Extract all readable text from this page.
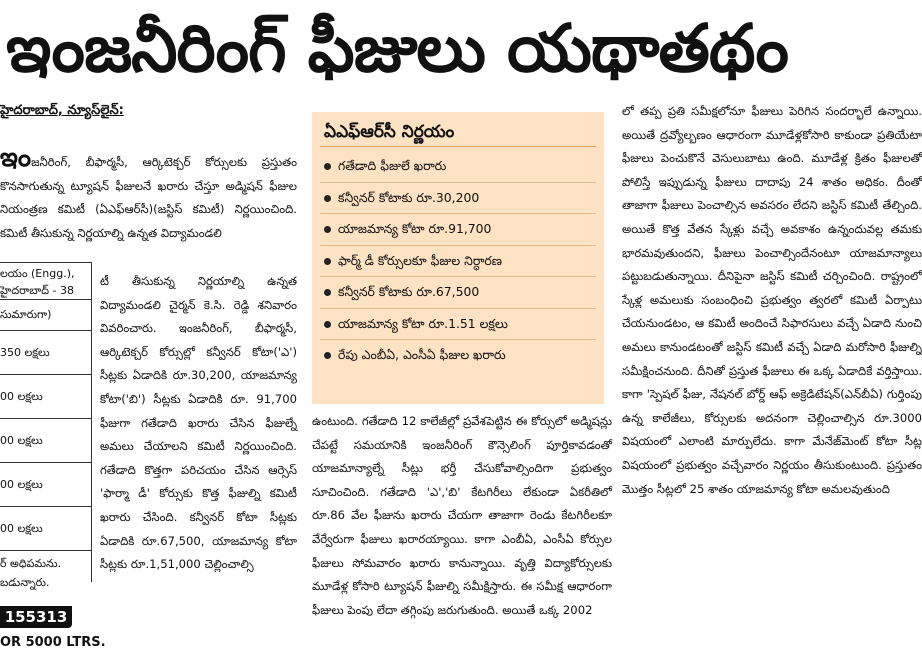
ఇంజనీరింగ్ ఫీజులు యథాతథం
హైదరాబాద్, న్యూస్‌లైన్:

ఇంజనీరింగ్, బీఫార్మసీ, ఆర్కిటెక్చర్ కోర్సులకు ప్రస్తుతం కొనసాగుతున్న ట్యూషన్ ఫీజులనే ఖరారు చేస్తూ అడ్మిషన్ ఫీజుల నియంత్రణ కమిటీ (ఏఎఫ్‌ఆర్‌సీ)(జస్టిస్ కమిటీ) నిర్ణయించింది. కమిటీ తీసుకున్న నిర్ణయాల్ని ఉన్నత విద్యామండలి

లయం (Engg.),
హైదరాబాద్ - 38
సుమారుగా)
350 లక్షలు
00 లక్షలు
00 లక్షలు
00 లక్షలు
00 లక్షలు
ర్ అధిపమను.
బడున్నారు.

టీ తీసుకున్న నిర్ణయాల్ని ఉన్నత విద్యామండలి చైర్మన్ కె.సి. రెడ్డి శనివారం వివరించారు. ఇంజనీరింగ్, బీఫార్మసీ, ఆర్కిటెక్చర్ కోర్సుల్లో కన్వీనర్ కోటా('ఎ') సీట్లకు ఏడాదికి రూ.30,200, యాజమాన్య కోటా('బి') సీట్లకు ఏడాదికి రూ. 91,700 ఫీజుగా గతేడాది ఖరారు చేసిన ఫీజుల్నే అమలు చేయాలని కమిటీ నిర్ణయించింది. గతేడాది కొత్తగా పరిచయం చేసిన ఆర్సెస్ 'ఫార్మా డీ' కోర్సుకు కొత్త ఫీజుల్ని కమిటీ ఖరారు చేసింది. కన్వీనర్ కోటా సీట్లకు ఏడాదికి రూ.67,500, యాజమాన్య కోటా సీట్లకు రూ.1,51,000 చెల్లించాల్సి

ఏఎఫ్‌ఆర్‌సీ నిర్ణయం
గతేడాది ఫీజులే ఖరారు
కన్వీనర్ కోటాకు రూ.30,200
యాజమాన్య కోటా రూ.91,700
ఫార్మ్ డీ కోర్సులకూ ఫీజుల నిర్ధారణ
కన్వీనర్ కోటాకు రూ.67,500
యాజమాన్య కోటా రూ.1.51 లక్షలు
రేపు ఎంబీఏ, ఎంసీఏ ఫీజుల ఖరారు

ఉంటుంది. గతేడాది 12 కాలేజీల్లో ప్రవేశపెట్టిన ఈ కోర్సులో అడ్మిషన్లు చేపట్టే సమయానికి ఇంజనీరింగ్ కౌన్సెలింగ్ పూర్తికావడంతో యాజమాన్యాల్నే సీట్లు భర్తీ చేసుకోవాల్సిందిగా ప్రభుత్వం సూచించింది. గతేడాది 'ఎ','బి' కేటగిరీలు లేకుండా ఏకరీతిలో రూ.86 వేల ఫీజును ఖరారు చేయగా తాజాగా రెండు కేటగిరీలకూ వేర్వేరుగా ఫీజులు ఖరారయ్యాయి. కాగా ఎంబీఏ, ఎంసీఏ కోర్సుల ఫీజులు సోమవారం ఖరారు కానున్నాయి. వృత్తి విద్యాకోర్సులకు మూడేళ్ల కోసారి ట్యూషన్ ఫీజుల్ని సమీక్షిస్తారు. ఈ సమీక్ష ఆధారంగా ఫీజులు పెంపు లేదా తగ్గింపు జరుగుతుంది. అయితే ఒక్క 2002

లో తప్ప ప్రతి సమీక్షలోనూ ఫీజులు పెరిగిన సందర్భాలే ఉన్నాయి. అయితే ద్రవ్యోల్బణం ఆధారంగా మూడేళ్లకోసారి కాకుండా ప్రతియేటా ఫీజులు పెంచుకొనే వెసులుబాటు ఉంది. మూడేళ్ల క్రితం ఫీజులతో పోలిస్తే ఇప్పుడున్న ఫీజులు దాదాపు 24 శాతం అధికం. దీంతో తాజాగా ఫీజులు పెంచాల్సిన అవసరం లేదని జస్టిస్ కమిటీ తేల్చింది. అయితే కొత్త వేతన స్కేళ్లు వచ్చే అవకాశం ఉన్నందువల్ల తమకు భారమవుతుందని, ఫీజులు పెంచాల్సిందేనంటూ యాజమాన్యాలు పట్టుబడుతున్నాయి. దీనిపైనా జస్టిస్ కమిటీ చర్చించింది. రాష్ట్రంలో స్కేళ్ల అమలుకు సంబంధించి ప్రభుత్వం త్వరలో కమిటీ ఏర్పాటు చేయనుండటం, ఆ కమిటీ అందించే సిఫారసులు వచ్చే ఏడాది నుంచి అమలు కానుండటంతో జస్టిస్ కమిటీ వచ్చే ఏడాది మరోసారి ఫీజుల్ని సమీక్షించనుంది. దీనితో ప్రస్తుత ఫీజులు ఈ ఒక్క ఏడాదికే వర్తిస్తాయి. కాగా 'స్పెషల్ ఫీజు, నేషనల్ బోర్డ్ ఆఫ్ అక్రెడిటేషన్(ఎన్‌బీఏ) గుర్తింపు ఉన్న కాలేజీలు, కోర్సులకు అదనంగా చెల్లించాల్సిన రూ.3000 విషయంలో ఎలాంటి మార్పులేదు. కాగా మేనేజ్‌మెంట్ కోటా సీట్ల విషయంలో ప్రభుత్వం వచ్చేవారం నిర్ణయం తీసుకుంటుంది. ప్రస్తుతం మొత్తం సీట్లలో 25 శాతం యాజమాన్య కోటా అమలవుతుంది

155313
OR 5000 LTRS.
